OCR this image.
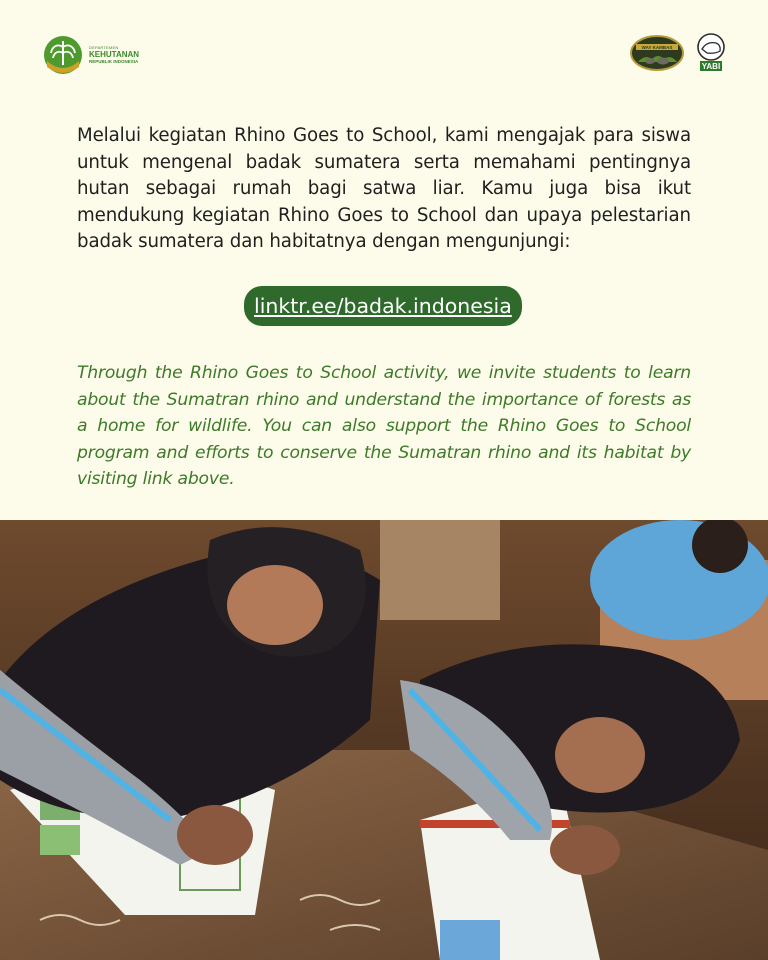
DEPARTEMEN
KEHUTANAN
REPUBLIK INDONESIA
WAY KAMBAS
YABI
Melalui kegiatan Rhino Goes to School, kami mengajak para siswa untuk mengenal badak sumatera serta memahami pentingnya hutan sebagai rumah bagi satwa liar. Kamu juga bisa ikut mendukung kegiatan Rhino Goes to School dan upaya pelestarian badak sumatera dan habitatnya dengan mengunjungi:
linktr.ee/badak.indonesia
Through the Rhino Goes to School activity, we invite students to learn about the Sumatran rhino and understand the importance of forests as a home for wildlife. You can also support the Rhino Goes to School program and efforts to conserve the Sumatran rhino and its habitat by visiting link above.
